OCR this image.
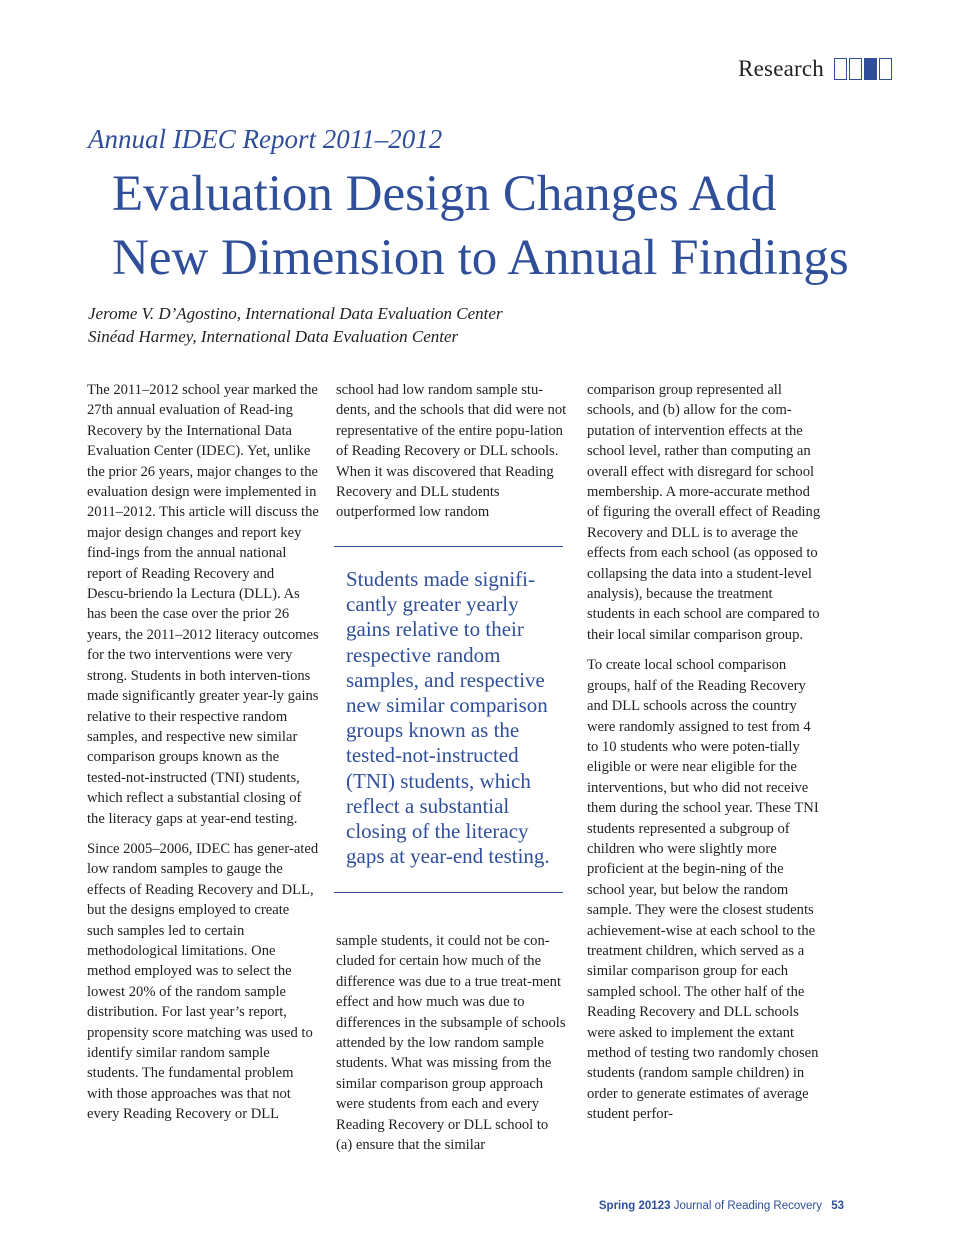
Research
Annual IDEC Report 2011–2012
Evaluation Design Changes Add
New Dimension to Annual Findings
Jerome V. D’Agostino, International Data Evaluation Center
Sinéad Harmey, International Data Evaluation Center

The 2011–2012 school year marked the 27th annual evaluation of Read-ing Recovery by the International Data Evaluation Center (IDEC). Yet, unlike the prior 26 years, major changes to the evaluation design were implemented in 2011–2012. This article will discuss the major design changes and report key find-ings from the annual national report of Reading Recovery and Descu-briendo la Lectura (DLL). As has been the case over the prior 26 years, the 2011–2012 literacy outcomes for the two interventions were very strong. Students in both interven-tions made significantly greater year-ly gains relative to their respective random samples, and respective new similar comparison groups known as the tested-not-instructed (TNI) students, which reflect a substantial closing of the literacy gaps at year-end testing.

Since 2005–2006, IDEC has gener-ated low random samples to gauge the effects of Reading Recovery and DLL, but the designs employed to create such samples led to certain methodological limitations. One method employed was to select the lowest 20% of the random sample distribution. For last year’s report, propensity score matching was used to identify similar random sample students. The fundamental problem with those approaches was that not every Reading Recovery or DLL

school had low random sample stu-dents, and the schools that did were not representative of the entire popu-lation of Reading Recovery or DLL schools. When it was discovered that Reading Recovery and DLL students outperformed low random

Students made signifi-cantly greater yearly gains relative to their respective random samples, and respective new similar comparison groups known as the tested-not-instructed (TNI) students, which reflect a substantial closing of the literacy gaps at year-end testing.

sample students, it could not be con-cluded for certain how much of the difference was due to a true treat-ment effect and how much was due to differences in the subsample of schools attended by the low random sample students. What was missing from the similar comparison group approach were students from each and every Reading Recovery or DLL school to (a) ensure that the similar

comparison group represented all schools, and (b) allow for the com-putation of intervention effects at the school level, rather than computing an overall effect with disregard for school membership. A more-accurate method of figuring the overall effect of Reading Recovery and DLL is to average the effects from each school (as opposed to collapsing the data into a student-level analysis), because the treatment students in each school are compared to their local similar comparison group.

To create local school comparison groups, half of the Reading Recovery and DLL schools across the country were randomly assigned to test from 4 to 10 students who were poten-tially eligible or were near eligible for the interventions, but who did not receive them during the school year. These TNI students represented a subgroup of children who were slightly more proficient at the begin-ning of the school year, but below the random sample. They were the closest students achievement-wise at each school to the treatment children, which served as a similar comparison group for each sampled school. The other half of the Reading Recovery and DLL schools were asked to implement the extant method of testing two randomly chosen students (random sample children) in order to generate estimates of average student perfor-

Spring 20123 Journal of Reading Recovery 53
